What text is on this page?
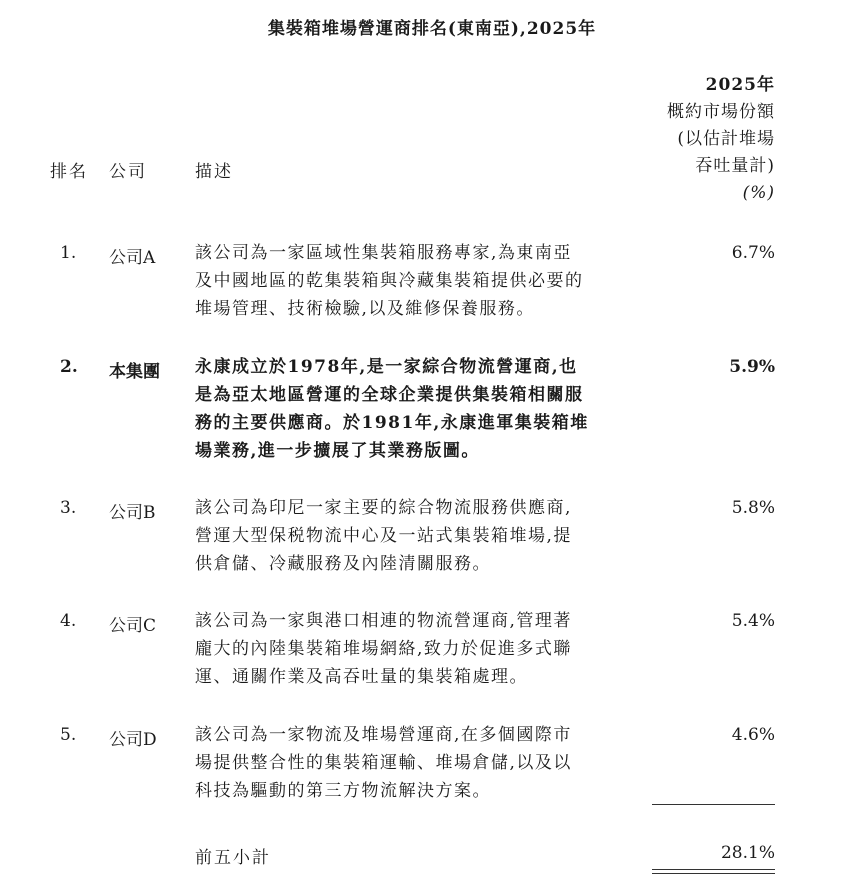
集裝箱堆場營運商排名(東南亞),2025年
2025年
概約市場份額
(以估計堆場
吞吐量計)
(%)
排名 公司	描述
1. 公司A 該公司為一家區域性集裝箱服務專家,為東南亞
及中國地區的乾集裝箱與冷藏集裝箱提供必要的
堆場管理、技術檢驗,以及維修保養服務。
6.7%
2. 本集團 永康成立於1978年,是一家綜合物流營運商,也
是為亞太地區營運的全球企業提供集裝箱相關服
務的主要供應商。於1981年,永康進軍集裝箱堆
場業務,進一步擴展了其業務版圖。
5.9%
3. 公司B 該公司為印尼一家主要的綜合物流服務供應商,
營運大型保税物流中心及一站式集裝箱堆場,提
供倉儲、冷藏服務及內陸清關服務。
5.8%
4. 公司C 該公司為一家與港口相連的物流營運商,管理著
龐大的內陸集裝箱堆場網絡,致力於促進多式聯
運、通關作業及高吞吐量的集裝箱處理。
5.4%
5. 公司D 該公司為一家物流及堆場營運商,在多個國際市
場提供整合性的集裝箱運輸、堆場倉儲,以及以
科技為驅動的第三方物流解決方案。
4.6%
前五小計	28.1%
